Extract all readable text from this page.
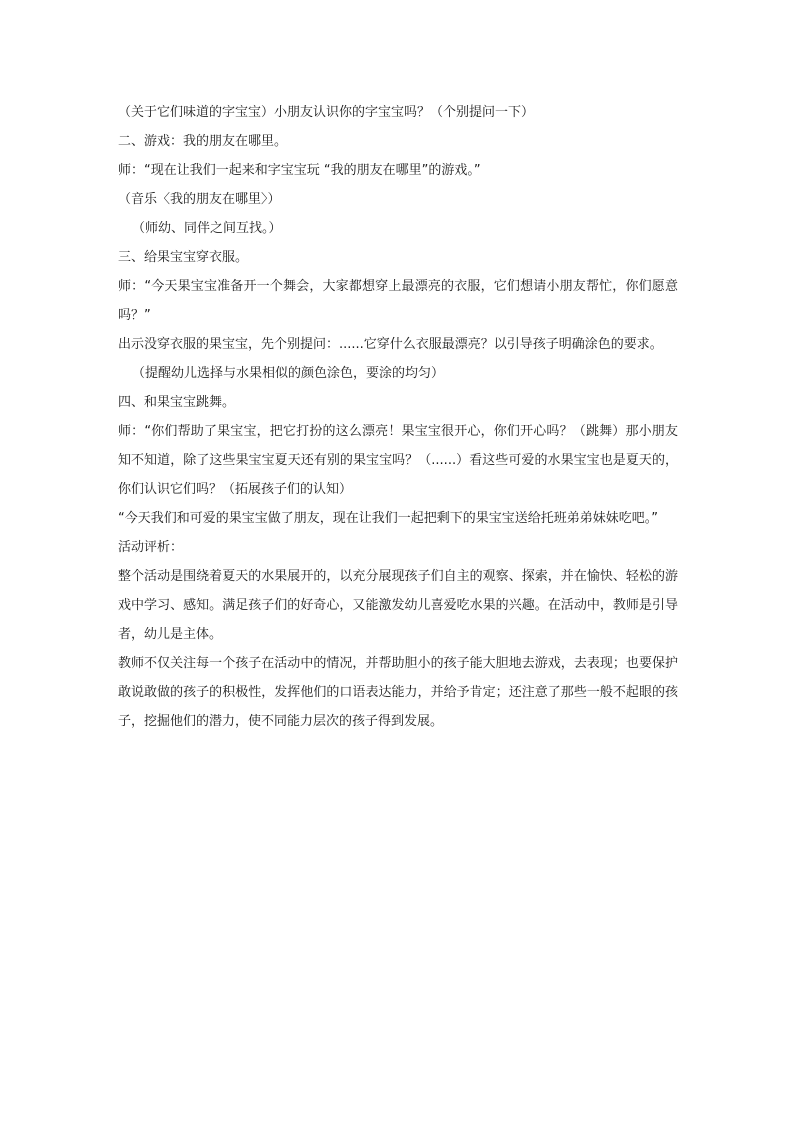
（关于它们味道的字宝宝）小朋友认识你的字宝宝吗？（个别提问一下）
二、游戏：我的朋友在哪里。
师：“现在让我们一起来和字宝宝玩 “我的朋友在哪里”的游戏。”
（音乐〈我的朋友在哪里〉）
（师幼、同伴之间互找。）
三、给果宝宝穿衣服。
师：“今天果宝宝准备开一个舞会，大家都想穿上最漂亮的衣服，它们想请小朋友帮忙，你们愿意吗？”
出示没穿衣服的果宝宝，先个别提问：......它穿什么衣服最漂亮？以引导孩子明确涂色的要求。
（提醒幼儿选择与水果相似的颜色涂色，要涂的均匀）
四、和果宝宝跳舞。
师：“你们帮助了果宝宝，把它打扮的这么漂亮！果宝宝很开心，你们开心吗？（跳舞）那小朋友知不知道，除了这些果宝宝夏天还有别的果宝宝吗？（......）看这些可爱的水果宝宝也是夏天的，你们认识它们吗？（拓展孩子们的认知）
“今天我们和可爱的果宝宝做了朋友，现在让我们一起把剩下的果宝宝送给托班弟弟妹妹吃吧。”
活动评析：
整个活动是围绕着夏天的水果展开的，以充分展现孩子们自主的观察、探索，并在愉快、轻松的游戏中学习、感知。满足孩子们的好奇心，又能激发幼儿喜爱吃水果的兴趣。在活动中，教师是引导者，幼儿是主体。
教师不仅关注每一个孩子在活动中的情况，并帮助胆小的孩子能大胆地去游戏，去表现；也要保护敢说敢做的孩子的积极性，发挥他们的口语表达能力，并给予肯定；还注意了那些一般不起眼的孩子，挖掘他们的潜力，使不同能力层次的孩子得到发展。
